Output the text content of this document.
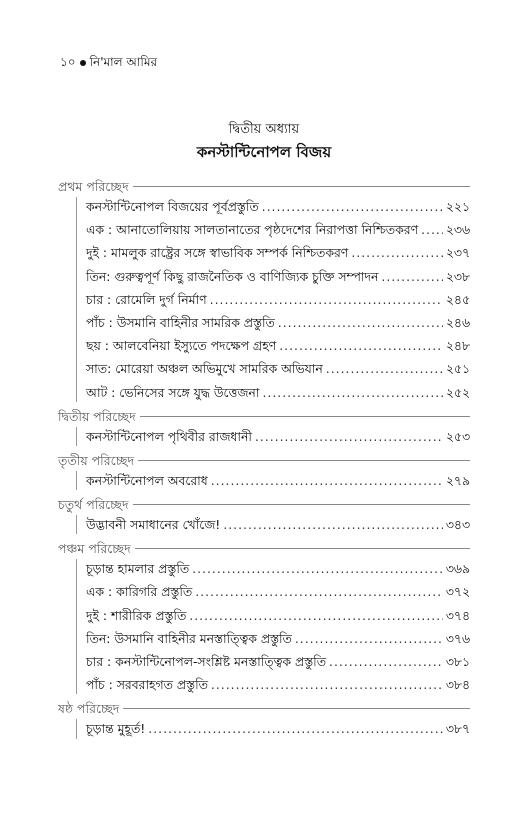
১০ নি'মাল আমির
দ্বিতীয় অধ্যায়
কনস্টান্টিনোপল বিজয়
প্রথম পরিচ্ছেদ
কনস্টান্টিনোপল বিজয়ের পূর্বপ্রস্তুতি .....	২২১
এক : আনাতোলিয়ায় সালতানাতের পৃষ্ঠদেশের নিরাপত্তা নিশ্চিতকরণ ..... ২৩৬
দুই : মামলুক রাষ্ট্রের সঙ্গে স্বাভাবিক সম্পর্ক নিশ্চিতকরণ .....	২৩৭
তিন: গুরুত্বপূর্ণ কিছু রাজনৈতিক ও বাণিজ্যিক চুক্তি সম্পাদন .....	২৩৮
চার : রোমেলি দুর্গ নির্মাণ .....	২৪৫
পাঁচ : উসমানি বাহিনীর সামরিক প্রস্তুতি .....	২৪৬
ছয় : আলবেনিয়া ইস্যুতে পদক্ষেপ গ্রহণ .....	২৪৮
সাত: মোরেয়া অঞ্চল অভিমুখে সামরিক অভিযান .....	২৫১
আট : ভেনিসের সঙ্গে যুদ্ধ উত্তেজনা .....	২৫২
দ্বিতীয় পরিচ্ছেদ
কনস্টান্টিনোপল পৃথিবীর রাজধানী .....	২৫৩
তৃতীয় পরিচ্ছেদ
কনস্টান্টিনোপল অবরোধ .....	২৭৯
চতুর্থ পরিচ্ছেদ
উদ্ভাবনী সমাধানের খোঁজে! .....	৩৪৩
পঞ্চম পরিচ্ছেদ
চূড়ান্ত হামলার প্রস্তুতি .....	৩৬৯
এক : কারিগরি প্রস্তুতি .....	৩৭২
দুই : শারীরিক প্রস্তুতি .....	৩৭৪
তিন: উসমানি বাহিনীর মনস্তাত্ত্বিক প্রস্তুতি .....	৩৭৬
চার : কনস্টান্টিনোপল-সংশ্লিষ্ট মনস্তাত্ত্বিক প্রস্তুতি .....	৩৮১
পাঁচ : সরবরাহগত প্রস্তুতি .....	৩৮৪
ষষ্ঠ পরিচ্ছেদ
চূড়ান্ত মুহূর্ত! .....	৩৮৭
